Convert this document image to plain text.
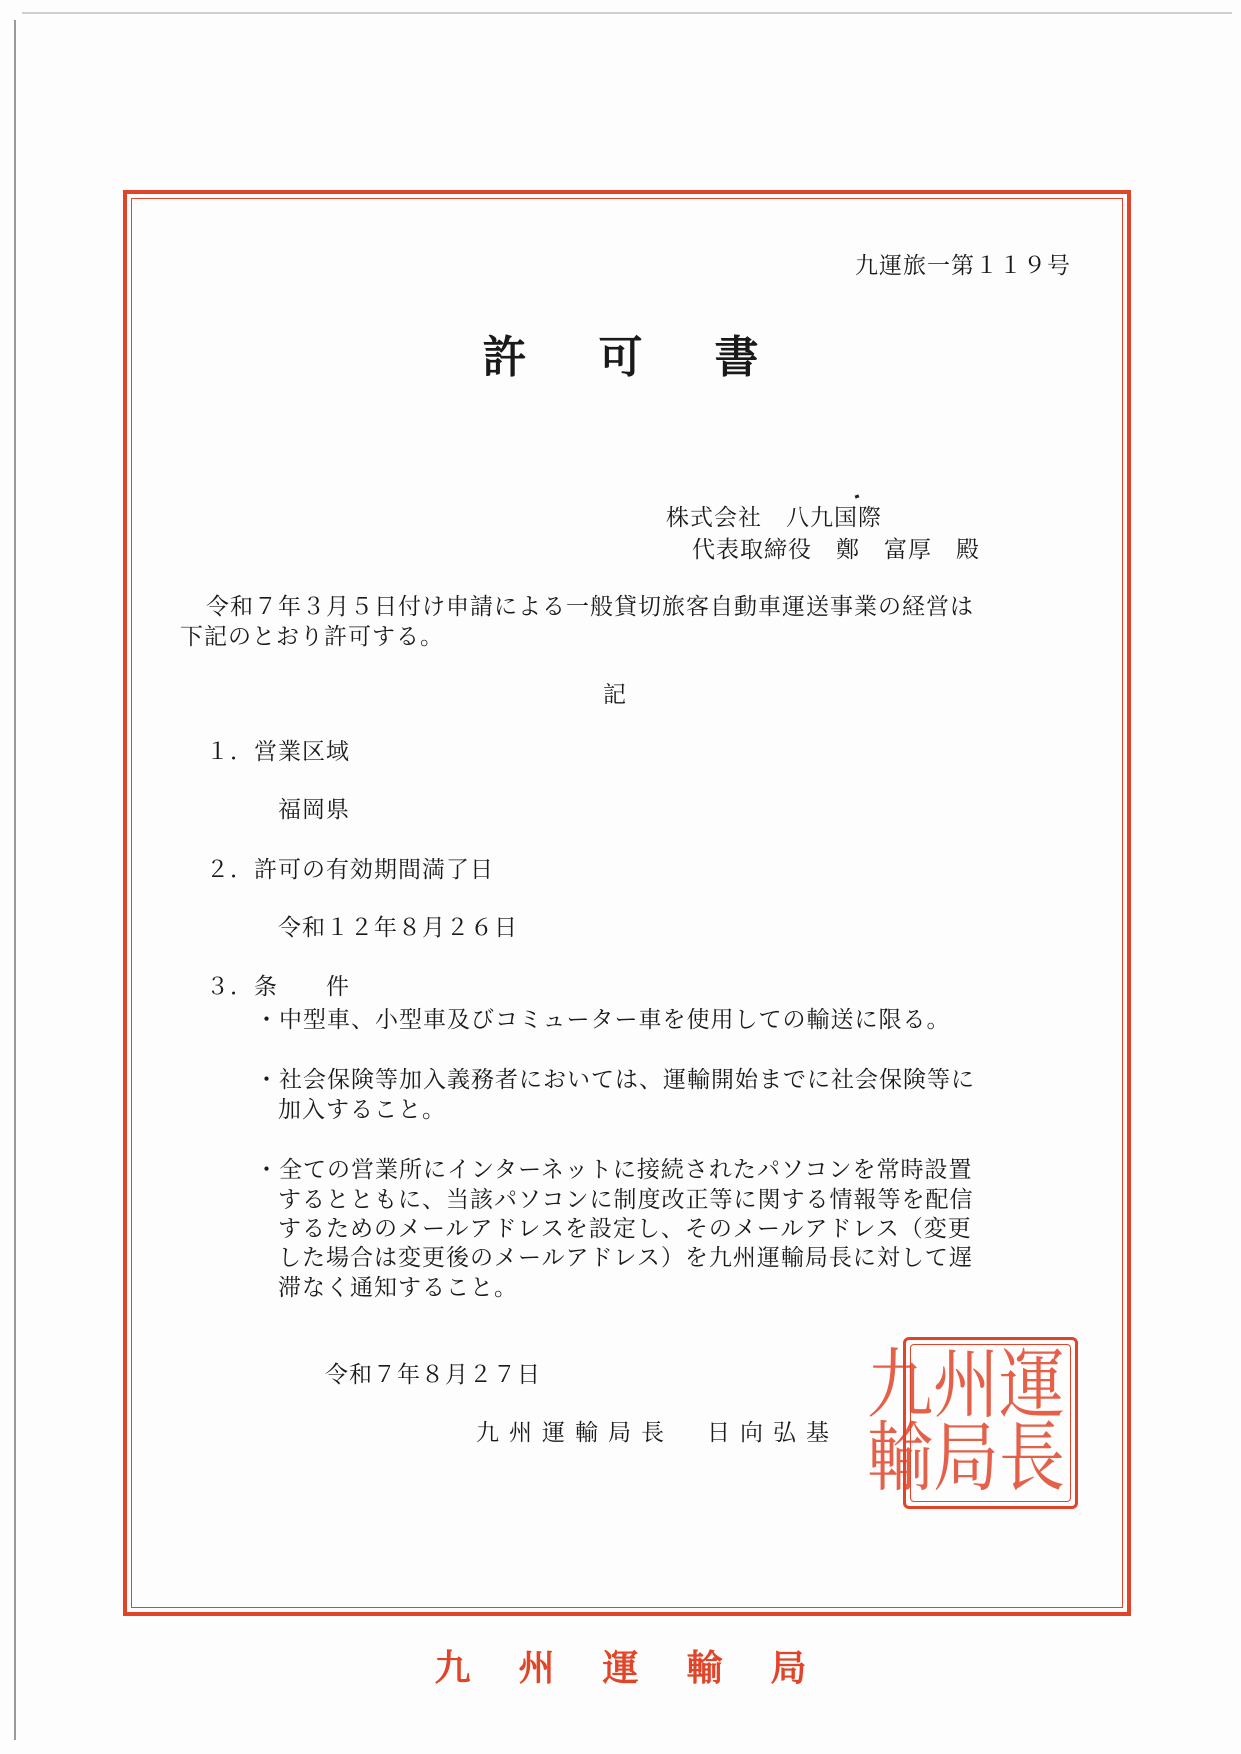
九運旅一第１１９号
許 可 書
株式会社　八九国際
代表取締役　鄭　富厚　殿
令和７年３月５日付け申請による一般貸切旅客自動車運送事業の経営は
下記のとおり許可する。
記
１．営業区域
福岡県
２．許可の有効期間満了日
令和１２年８月２６日
３．条　　件
・中型車、小型車及びコミューター車を使用しての輸送に限る。
・社会保険等加入義務者においては、運輸開始までに社会保険等に
加入すること。
・全ての営業所にインターネットに接続されたパソコンを常時設置
するとともに、当該パソコンに制度改正等に関する情報等を配信
するためのメールアドレスを設定し、そのメールアドレス（変更
した場合は変更後のメールアドレス）を九州運輸局長に対して遅
滞なく通知すること。
令和７年８月２７日
九州運輸局長　日向弘基
運
長
州
局
九
輸
九 州 運 輸 局
